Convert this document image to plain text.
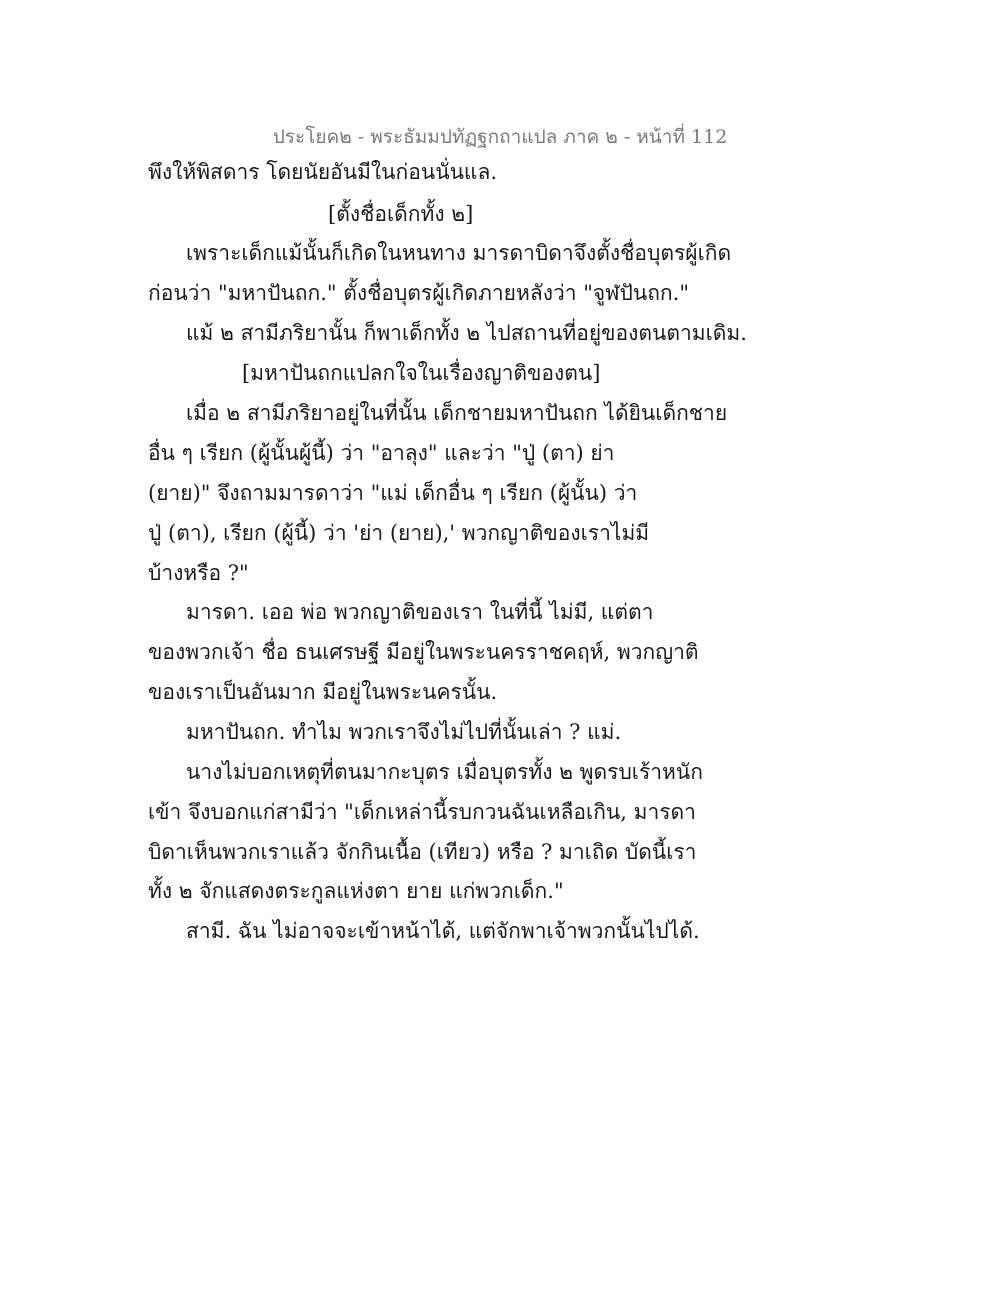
ประโยค๒ - พระธัมมปทัฏฐกถาแปล ภาค ๒ - หน้าที่ 112
พึงให้พิสดาร โดยนัยอันมีในก่อนนั่นแล.
[ตั้งชื่อเด็กทั้ง ๒]
เพราะเด็กแม้นั้นก็เกิดในหนทาง มารดาบิดาจึงตั้งชื่อบุตรผู้เกิด
ก่อนว่า "มหาปันถก." ตั้งชื่อบุตรผู้เกิดภายหลังว่า "จูฬปันถก."
แม้ ๒ สามีภริยานั้น ก็พาเด็กทั้ง ๒ ไปสถานที่อยู่ของตนตามเดิม.
[มหาปันถกแปลกใจในเรื่องญาติของตน]
เมื่อ ๒ สามีภริยาอยู่ในที่นั้น เด็กชายมหาปันถก ได้ยินเด็กชาย
อื่น ๆ เรียก (ผู้นั้นผู้นี้) ว่า "อาลุง" และว่า "ปู่ (ตา) ย่า
(ยาย)" จึงถามมารดาว่า "แม่ เด็กอื่น ๆ เรียก (ผู้นั้น) ว่า
ปู่ (ตา), เรียก (ผู้นี้) ว่า 'ย่า (ยาย),' พวกญาติของเราไม่มี
บ้างหรือ ?"
มารดา. เออ พ่อ พวกญาติของเรา ในที่นี้ ไม่มี, แต่ตา
ของพวกเจ้า ชื่อ ธนเศรษฐี มีอยู่ในพระนครราชคฤห์, พวกญาติ
ของเราเป็นอันมาก มีอยู่ในพระนครนั้น.
มหาปันถก. ทำไม พวกเราจึงไม่ไปที่นั้นเล่า ? แม่.
นางไม่บอกเหตุที่ตนมากะบุตร เมื่อบุตรทั้ง ๒ พูดรบเร้าหนัก
เข้า จึงบอกแก่สามีว่า "เด็กเหล่านี้รบกวนฉันเหลือเกิน, มารดา
บิดาเห็นพวกเราแล้ว จักกินเนื้อ (เทียว) หรือ ? มาเถิด บัดนี้เรา
ทั้ง ๒ จักแสดงตระกูลแห่งตา ยาย แก่พวกเด็ก."
สามี. ฉัน ไม่อาจจะเข้าหน้าได้, แต่จักพาเจ้าพวกนั้นไปได้.
